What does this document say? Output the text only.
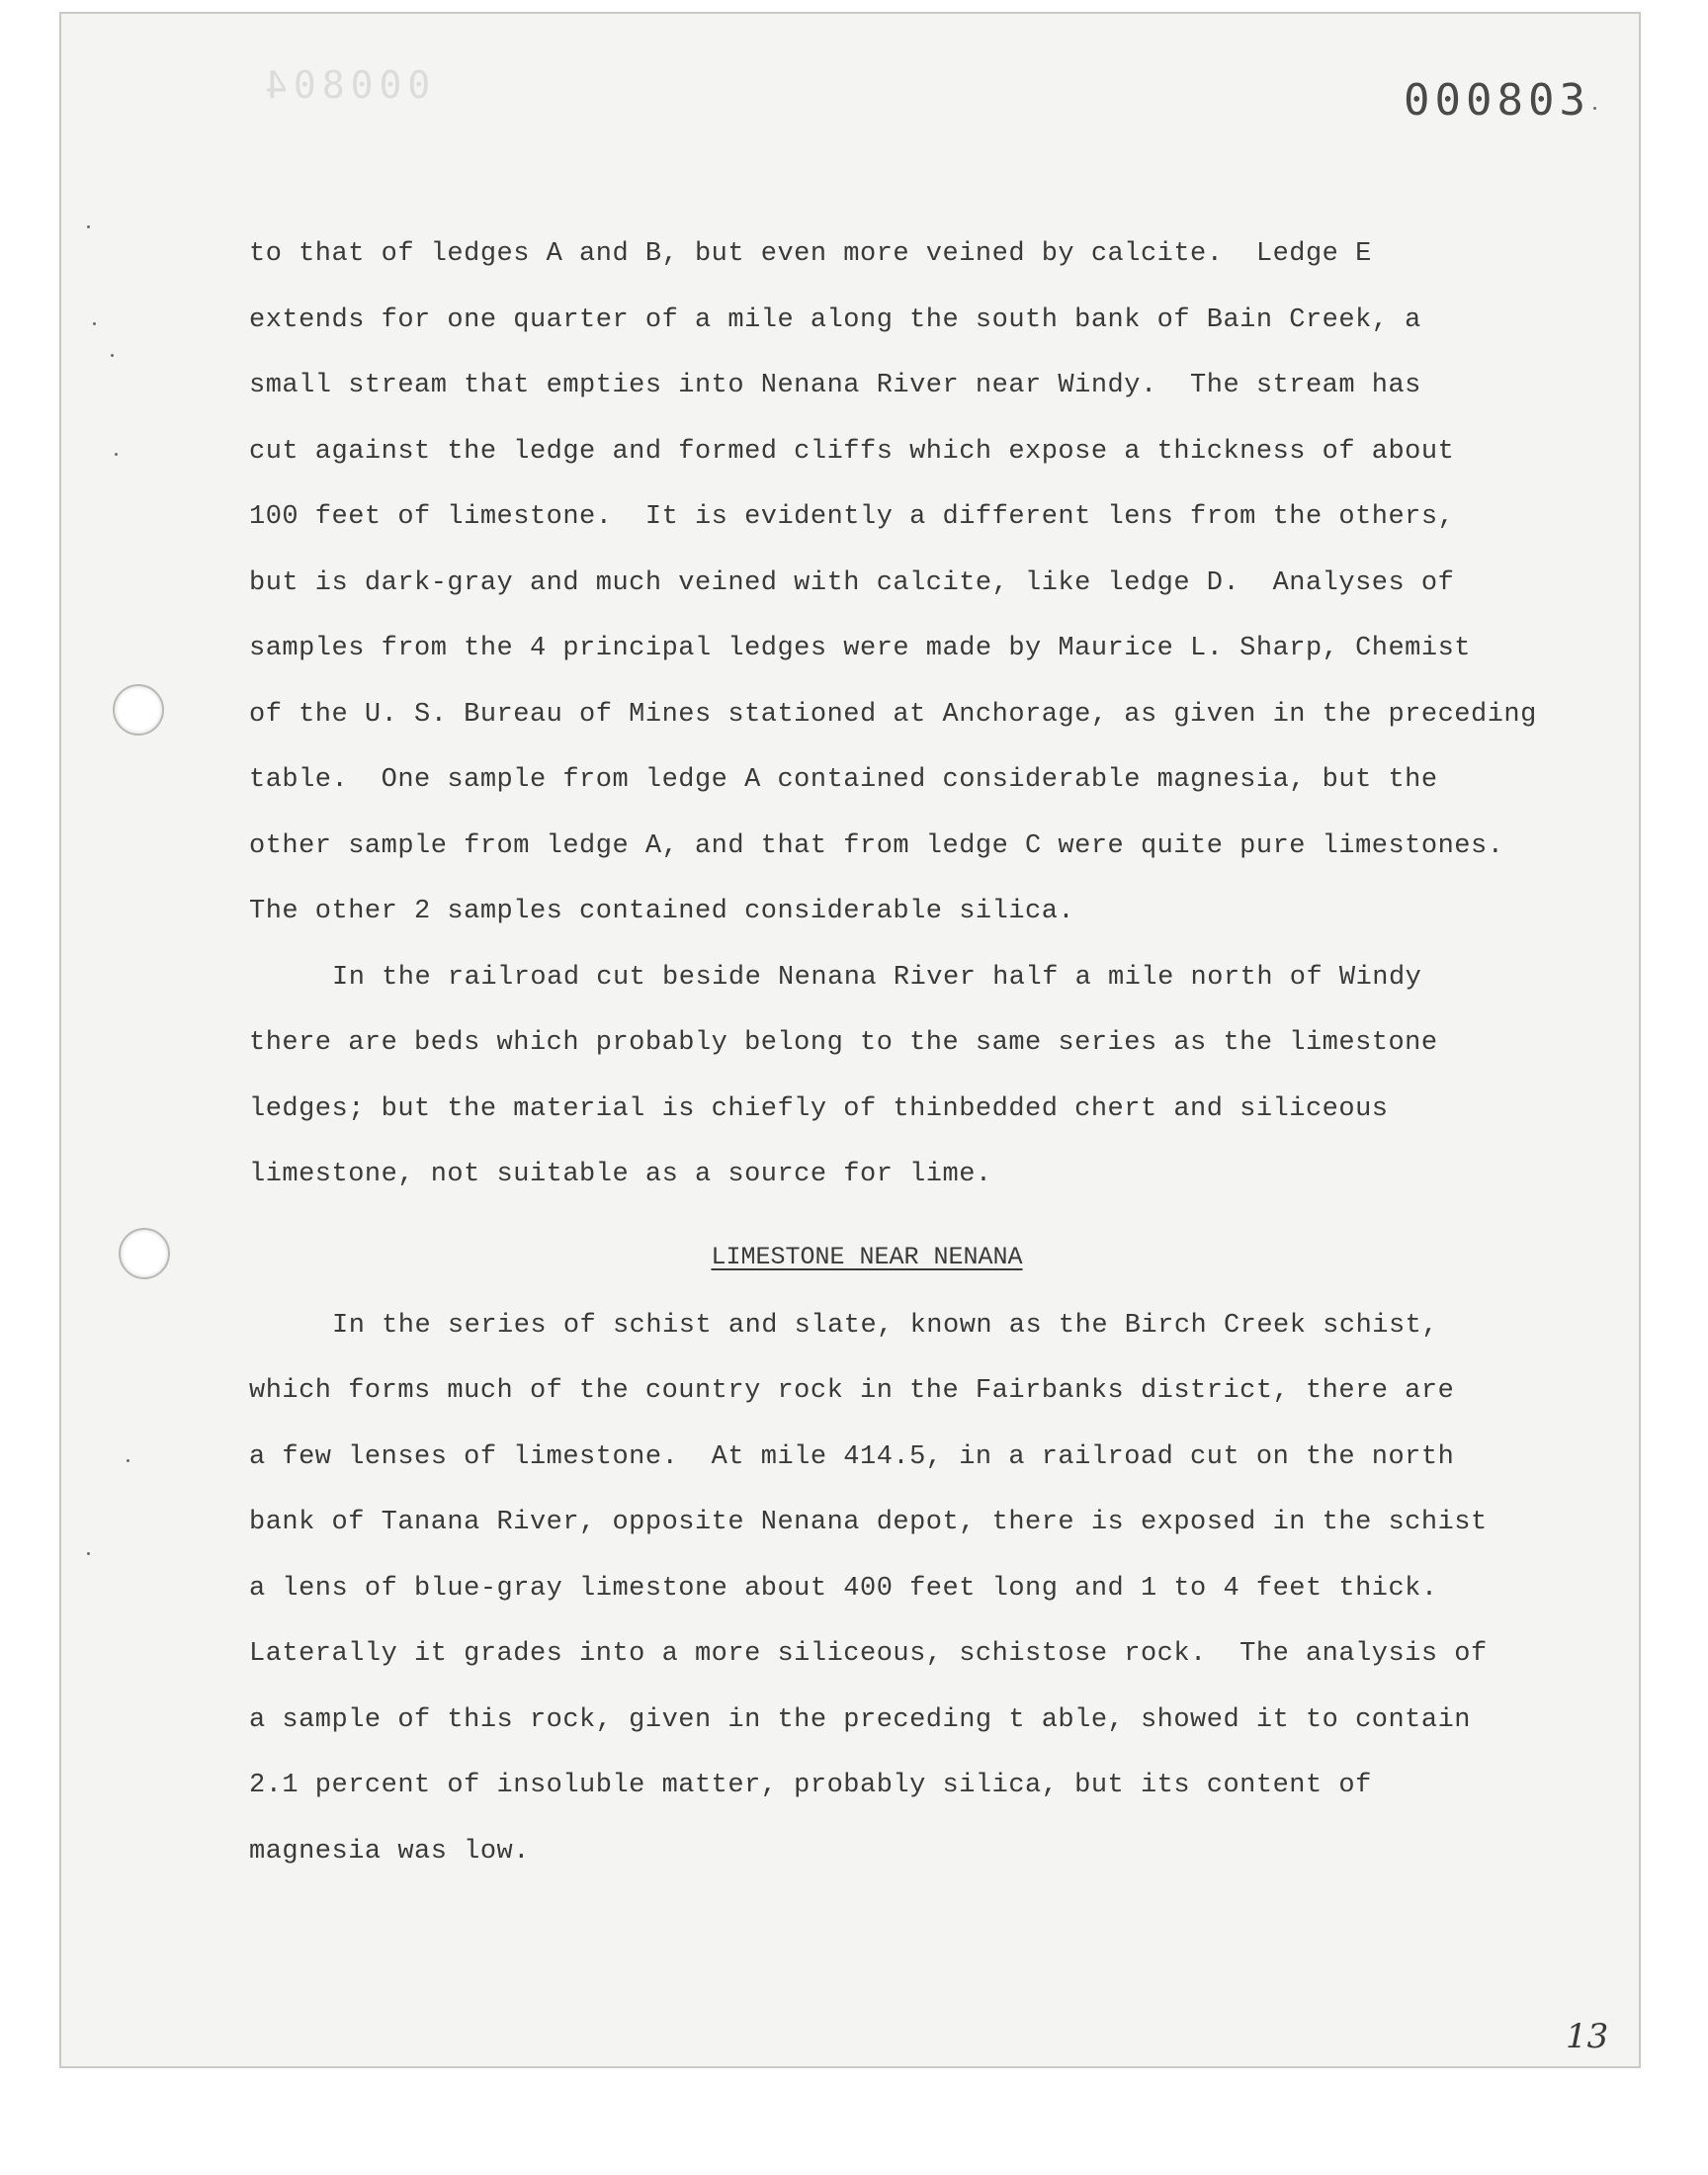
000804	000803
to that of ledges A and B, but even more veined by calcite.  Ledge E
extends for one quarter of a mile along the south bank of Bain Creek, a
small stream that empties into Nenana River near Windy.  The stream has
cut against the ledge and formed cliffs which expose a thickness of about
100 feet of limestone.  It is evidently a different lens from the others,
but is dark-gray and much veined with calcite, like ledge D.  Analyses of
samples from the 4 principal ledges were made by Maurice L. Sharp, Chemist
of the U. S. Bureau of Mines stationed at Anchorage, as given in the preceding
table.  One sample from ledge A contained considerable magnesia, but the
other sample from ledge A, and that from ledge C were quite pure limestones.
The other 2 samples contained considerable silica.
In the railroad cut beside Nenana River half a mile north of Windy
there are beds which probably belong to the same series as the limestone
ledges; but the material is chiefly of thinbedded chert and siliceous
limestone, not suitable as a source for lime.
LIMESTONE NEAR NENANA
In the series of schist and slate, known as the Birch Creek schist,
which forms much of the country rock in the Fairbanks district, there are
a few lenses of limestone.  At mile 414.5, in a railroad cut on the north
bank of Tanana River, opposite Nenana depot, there is exposed in the schist
a lens of blue-gray limestone about 400 feet long and 1 to 4 feet thick.
Laterally it grades into a more siliceous, schistose rock.  The analysis of
a sample of this rock, given in the preceding t able, showed it to contain
2.1 percent of insoluble matter, probably silica, but its content of
magnesia was low.
13
